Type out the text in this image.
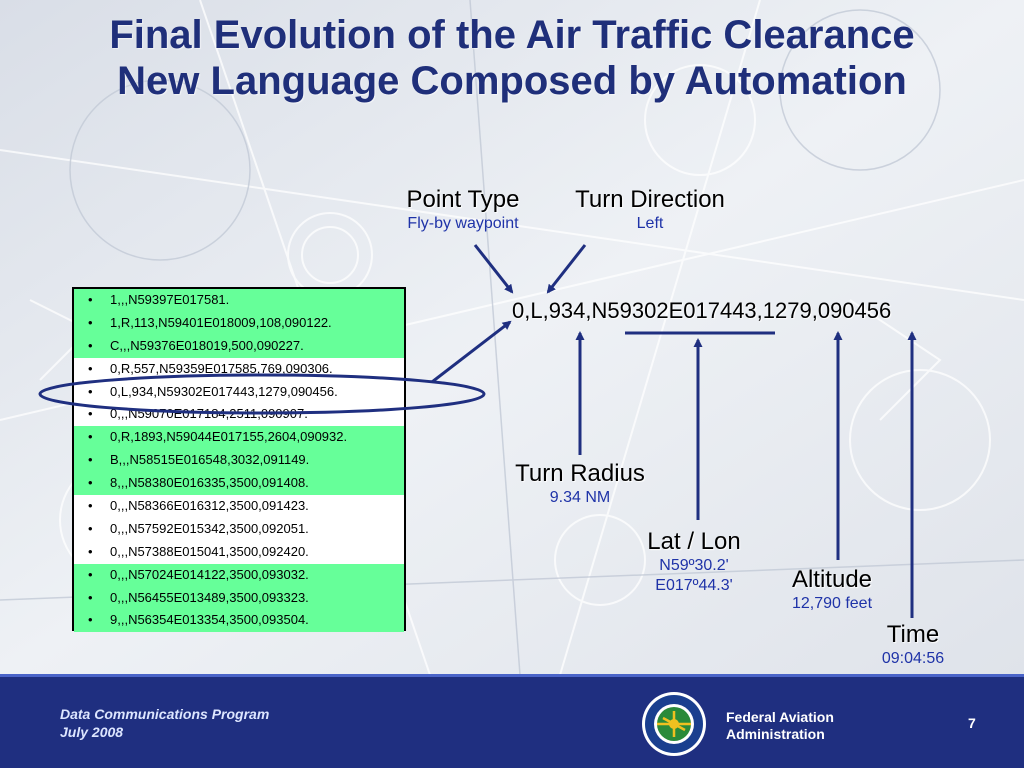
Final Evolution of the Air Traffic Clearance
New Language Composed by Automation
• 1,,,N59397E017581.
• 1,R,113,N59401E018009,108,090122.
• C,,,N59376E018019,500,090227.
• 0,R,557,N59359E017585,769,090306.
• 0,L,934,N59302E017443,1279,090456.
• 0,,,N59070E017184,2511,090907.
• 0,R,1893,N59044E017155,2604,090932.
• B,,,N58515E016548,3032,091149.
• 8,,,N58380E016335,3500,091408.
• 0,,,N58366E016312,3500,091423.
• 0,,,N57592E015342,3500,092051.
• 0,,,N57388E015041,3500,092420.
• 0,,,N57024E014122,3500,093032.
• 0,,,N56455E013489,3500,093323.
• 9,,,N56354E013354,3500,093504.
Point Type
Fly-by waypoint
Turn Direction
Left
0,L,934,N59302E017443,1279,090456
Turn Radius
9.34 NM
Lat / Lon
N59º30.2'
E017º44.3'	Altitude
12,790 feet
Time
09:04:56
Data Communications Program
July 2008
Federal Aviation
Administration
7
